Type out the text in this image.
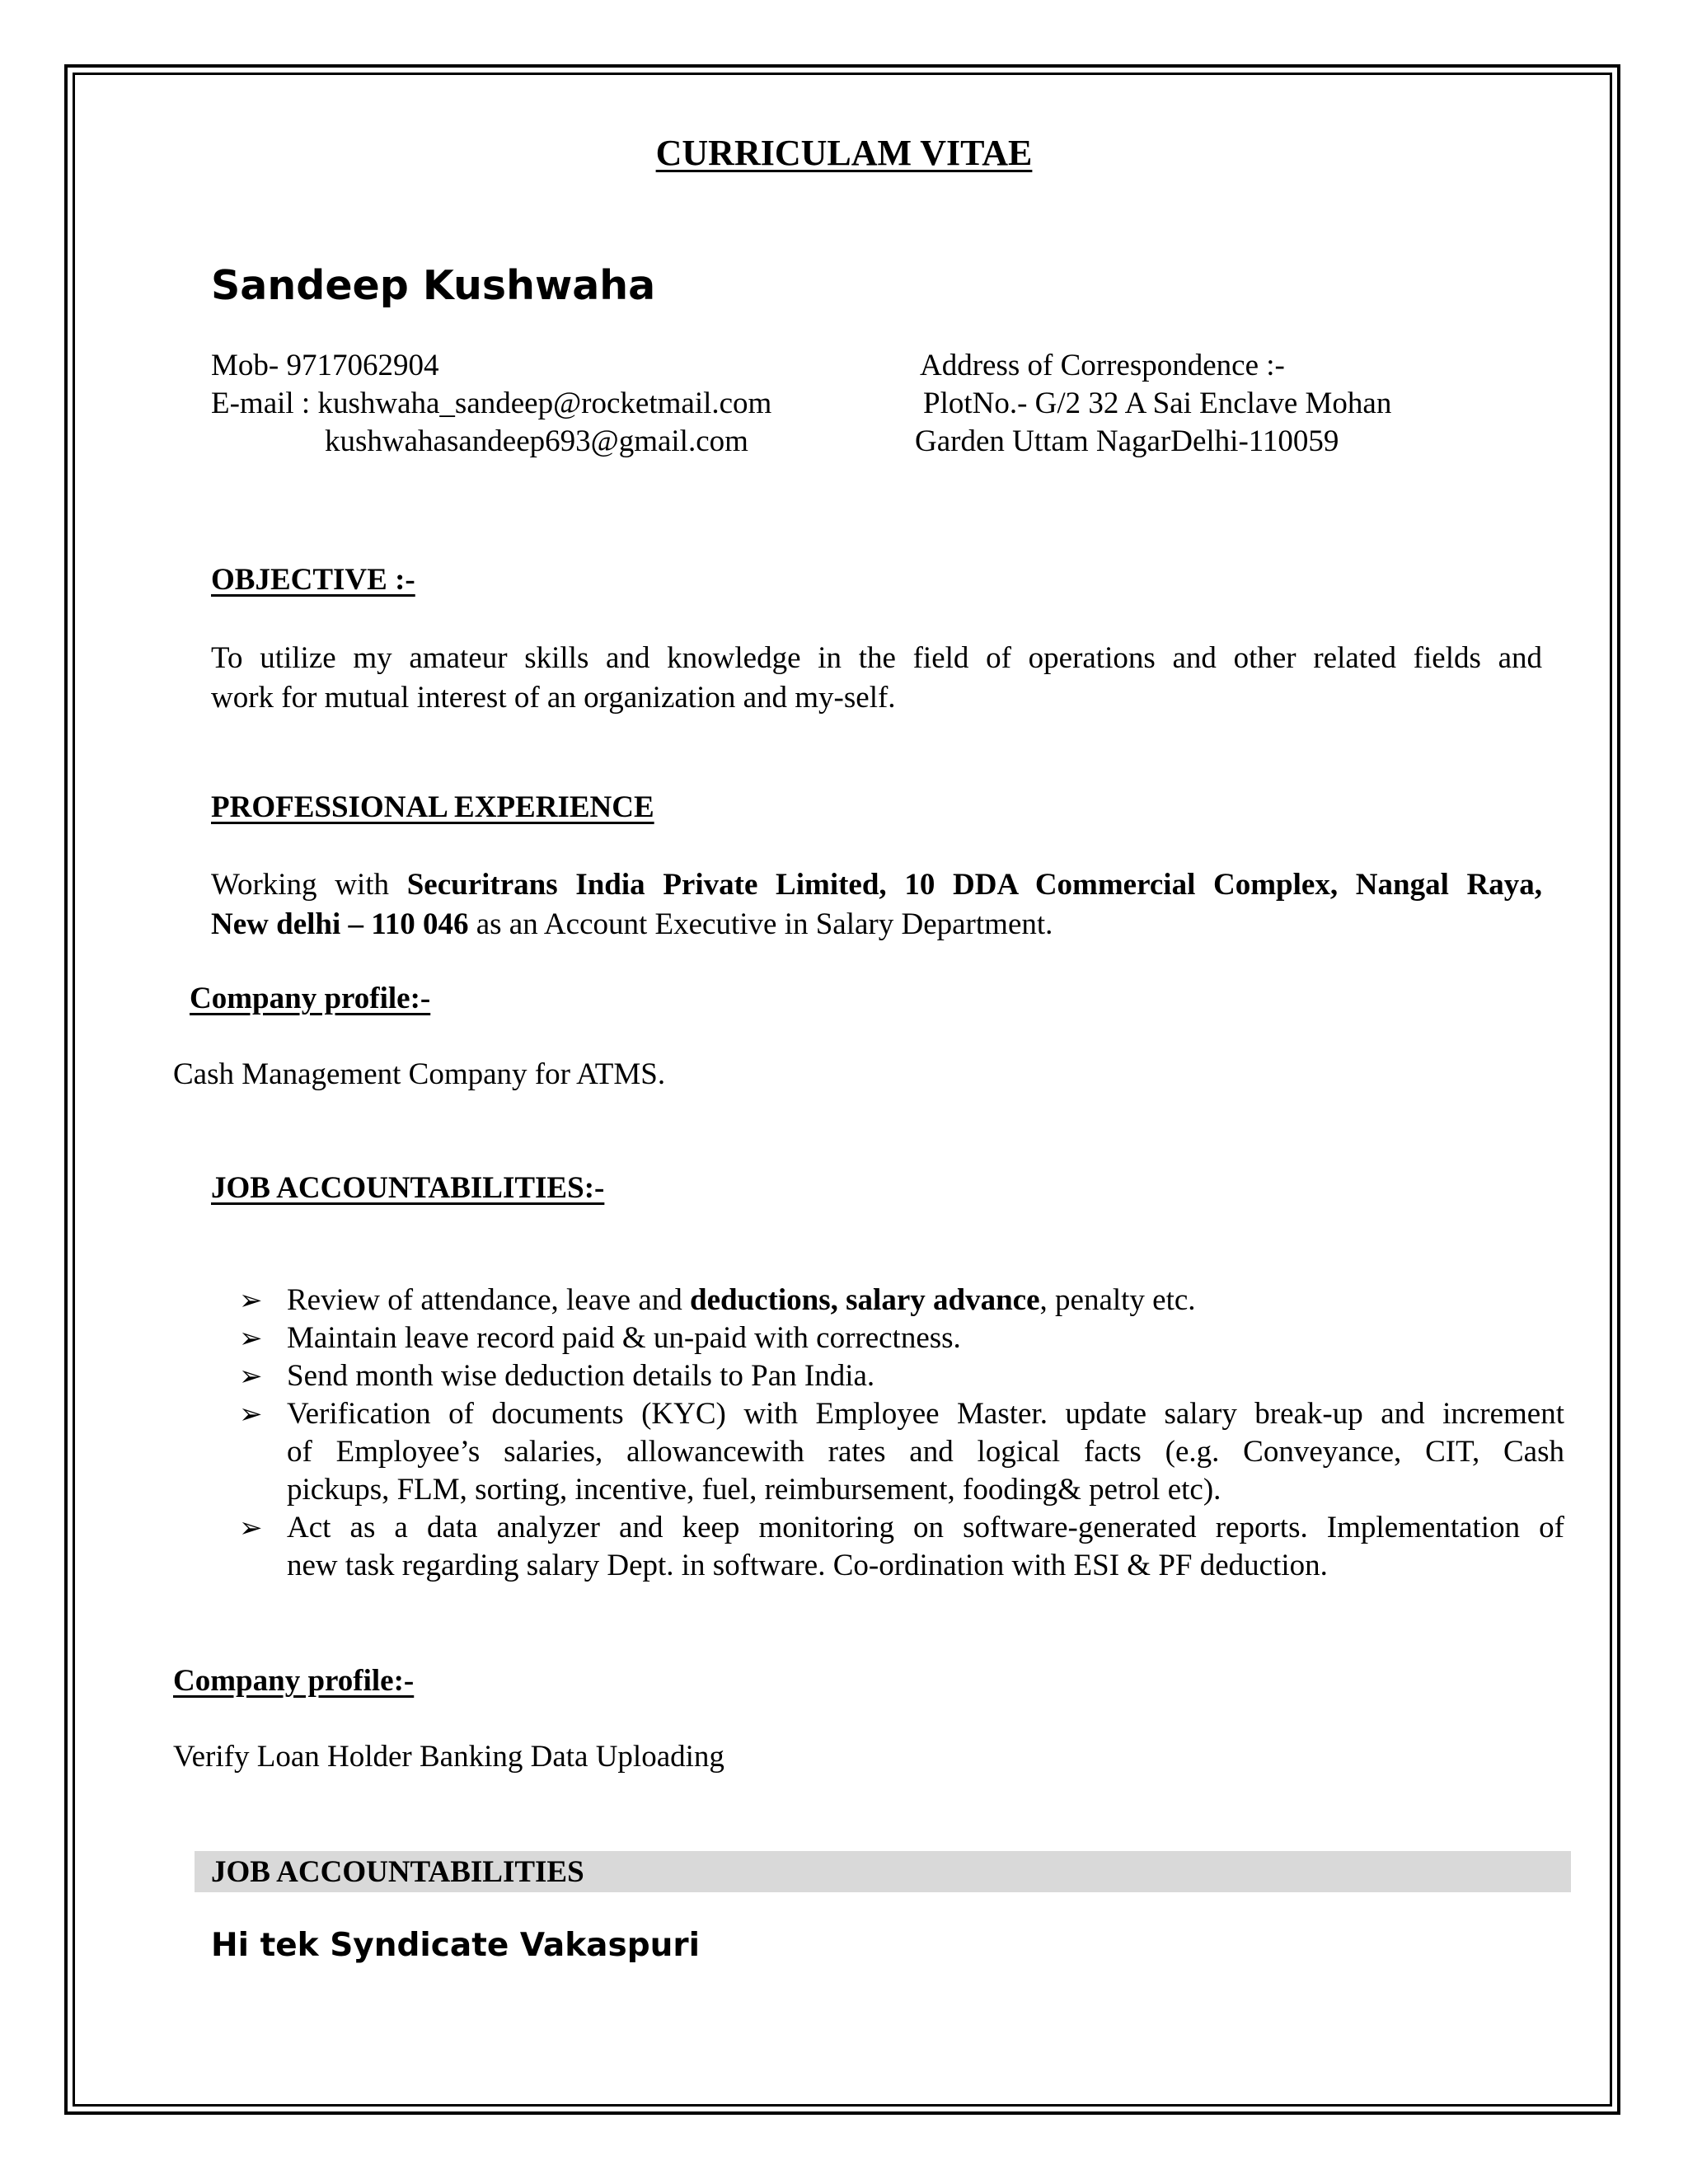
CURRICULAM VITAE
Sandeep Kushwaha
Mob- 9717062904
E-mail : kushwaha_sandeep@rocketmail.com
kushwahasandeep693@gmail.com
Address of Correspondence :-
PlotNo.- G/2 32 A Sai Enclave Mohan
Garden Uttam NagarDelhi-110059
OBJECTIVE :-
To utilize my amateur skills and knowledge in the field of operations and other related fields and
work for mutual interest of an organization and my-self.
PROFESSIONAL EXPERIENCE
Working with Securitrans India Private Limited, 10 DDA Commercial Complex, Nangal Raya,
New delhi – 110 046 as an Account Executive in Salary Department.
Company profile:-
Cash Management Company for ATMS.
JOB ACCOUNTABILITIES:-
➢ Review of attendance, leave and deductions, salary advance, penalty etc.
➢ Maintain leave record paid & un-paid with correctness.
➢ Send month wise deduction details to Pan India.
➢ Verification of documents (KYC) with Employee Master. update salary break-up and increment
of Employee’s salaries, allowancewith rates and logical facts (e.g. Conveyance, CIT, Cash
pickups, FLM, sorting, incentive, fuel, reimbursement, fooding& petrol etc).
➢ Act as a data analyzer and keep monitoring on software-generated reports. Implementation of
new task regarding salary Dept. in software. Co-ordination with ESI & PF deduction.
Company profile:-
Verify Loan Holder Banking Data Uploading
JOB ACCOUNTABILITIES
Hi tek Syndicate Vakaspuri
